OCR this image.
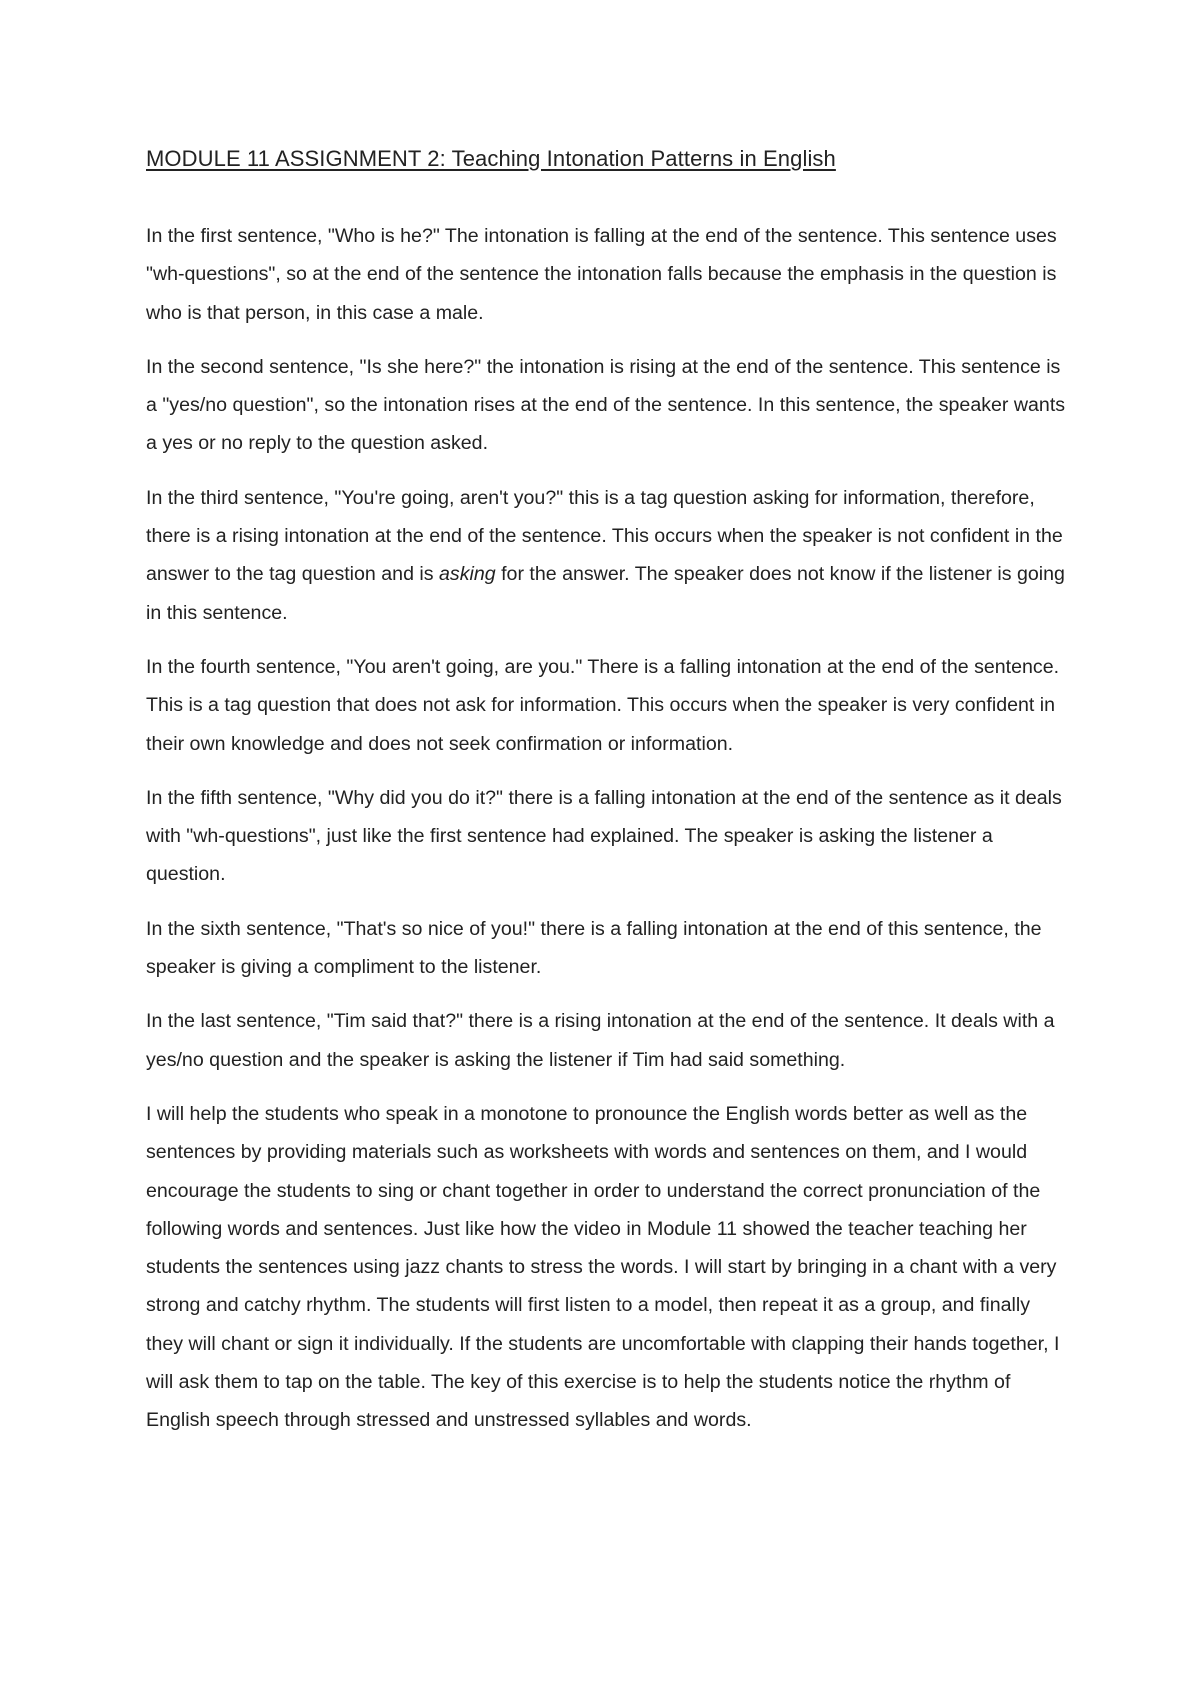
MODULE 11 ASSIGNMENT 2: Teaching Intonation Patterns in English

In the first sentence, "Who is he?" The intonation is falling at the end of the sentence. This sentence uses "wh-questions", so at the end of the sentence the intonation falls because the emphasis in the question is who is that person, in this case a male.

In the second sentence, "Is she here?" the intonation is rising at the end of the sentence. This sentence is a "yes/no question", so the intonation rises at the end of the sentence. In this sentence, the speaker wants a yes or no reply to the question asked.

In the third sentence, "You're going, aren't you?" this is a tag question asking for information, therefore, there is a rising intonation at the end of the sentence. This occurs when the speaker is not confident in the answer to the tag question and is asking for the answer. The speaker does not know if the listener is going in this sentence.

In the fourth sentence, "You aren't going, are you." There is a falling intonation at the end of the sentence. This is a tag question that does not ask for information. This occurs when the speaker is very confident in their own knowledge and does not seek confirmation or information.

In the fifth sentence, "Why did you do it?" there is a falling intonation at the end of the sentence as it deals with "wh-questions", just like the first sentence had explained. The speaker is asking the listener a question.

In the sixth sentence, "That's so nice of you!" there is a falling intonation at the end of this sentence, the speaker is giving a compliment to the listener.

In the last sentence, "Tim said that?" there is a rising intonation at the end of the sentence. It deals with a yes/no question and the speaker is asking the listener if Tim had said something.

I will help the students who speak in a monotone to pronounce the English words better as well as the sentences by providing materials such as worksheets with words and sentences on them, and I would encourage the students to sing or chant together in order to understand the correct pronunciation of the following words and sentences. Just like how the video in Module 11 showed the teacher teaching her students the sentences using jazz chants to stress the words. I will start by bringing in a chant with a very strong and catchy rhythm. The students will first listen to a model, then repeat it as a group, and finally they will chant or sign it individually. If the students are uncomfortable with clapping their hands together, I will ask them to tap on the table. The key of this exercise is to help the students notice the rhythm of English speech through stressed and unstressed syllables and words.
